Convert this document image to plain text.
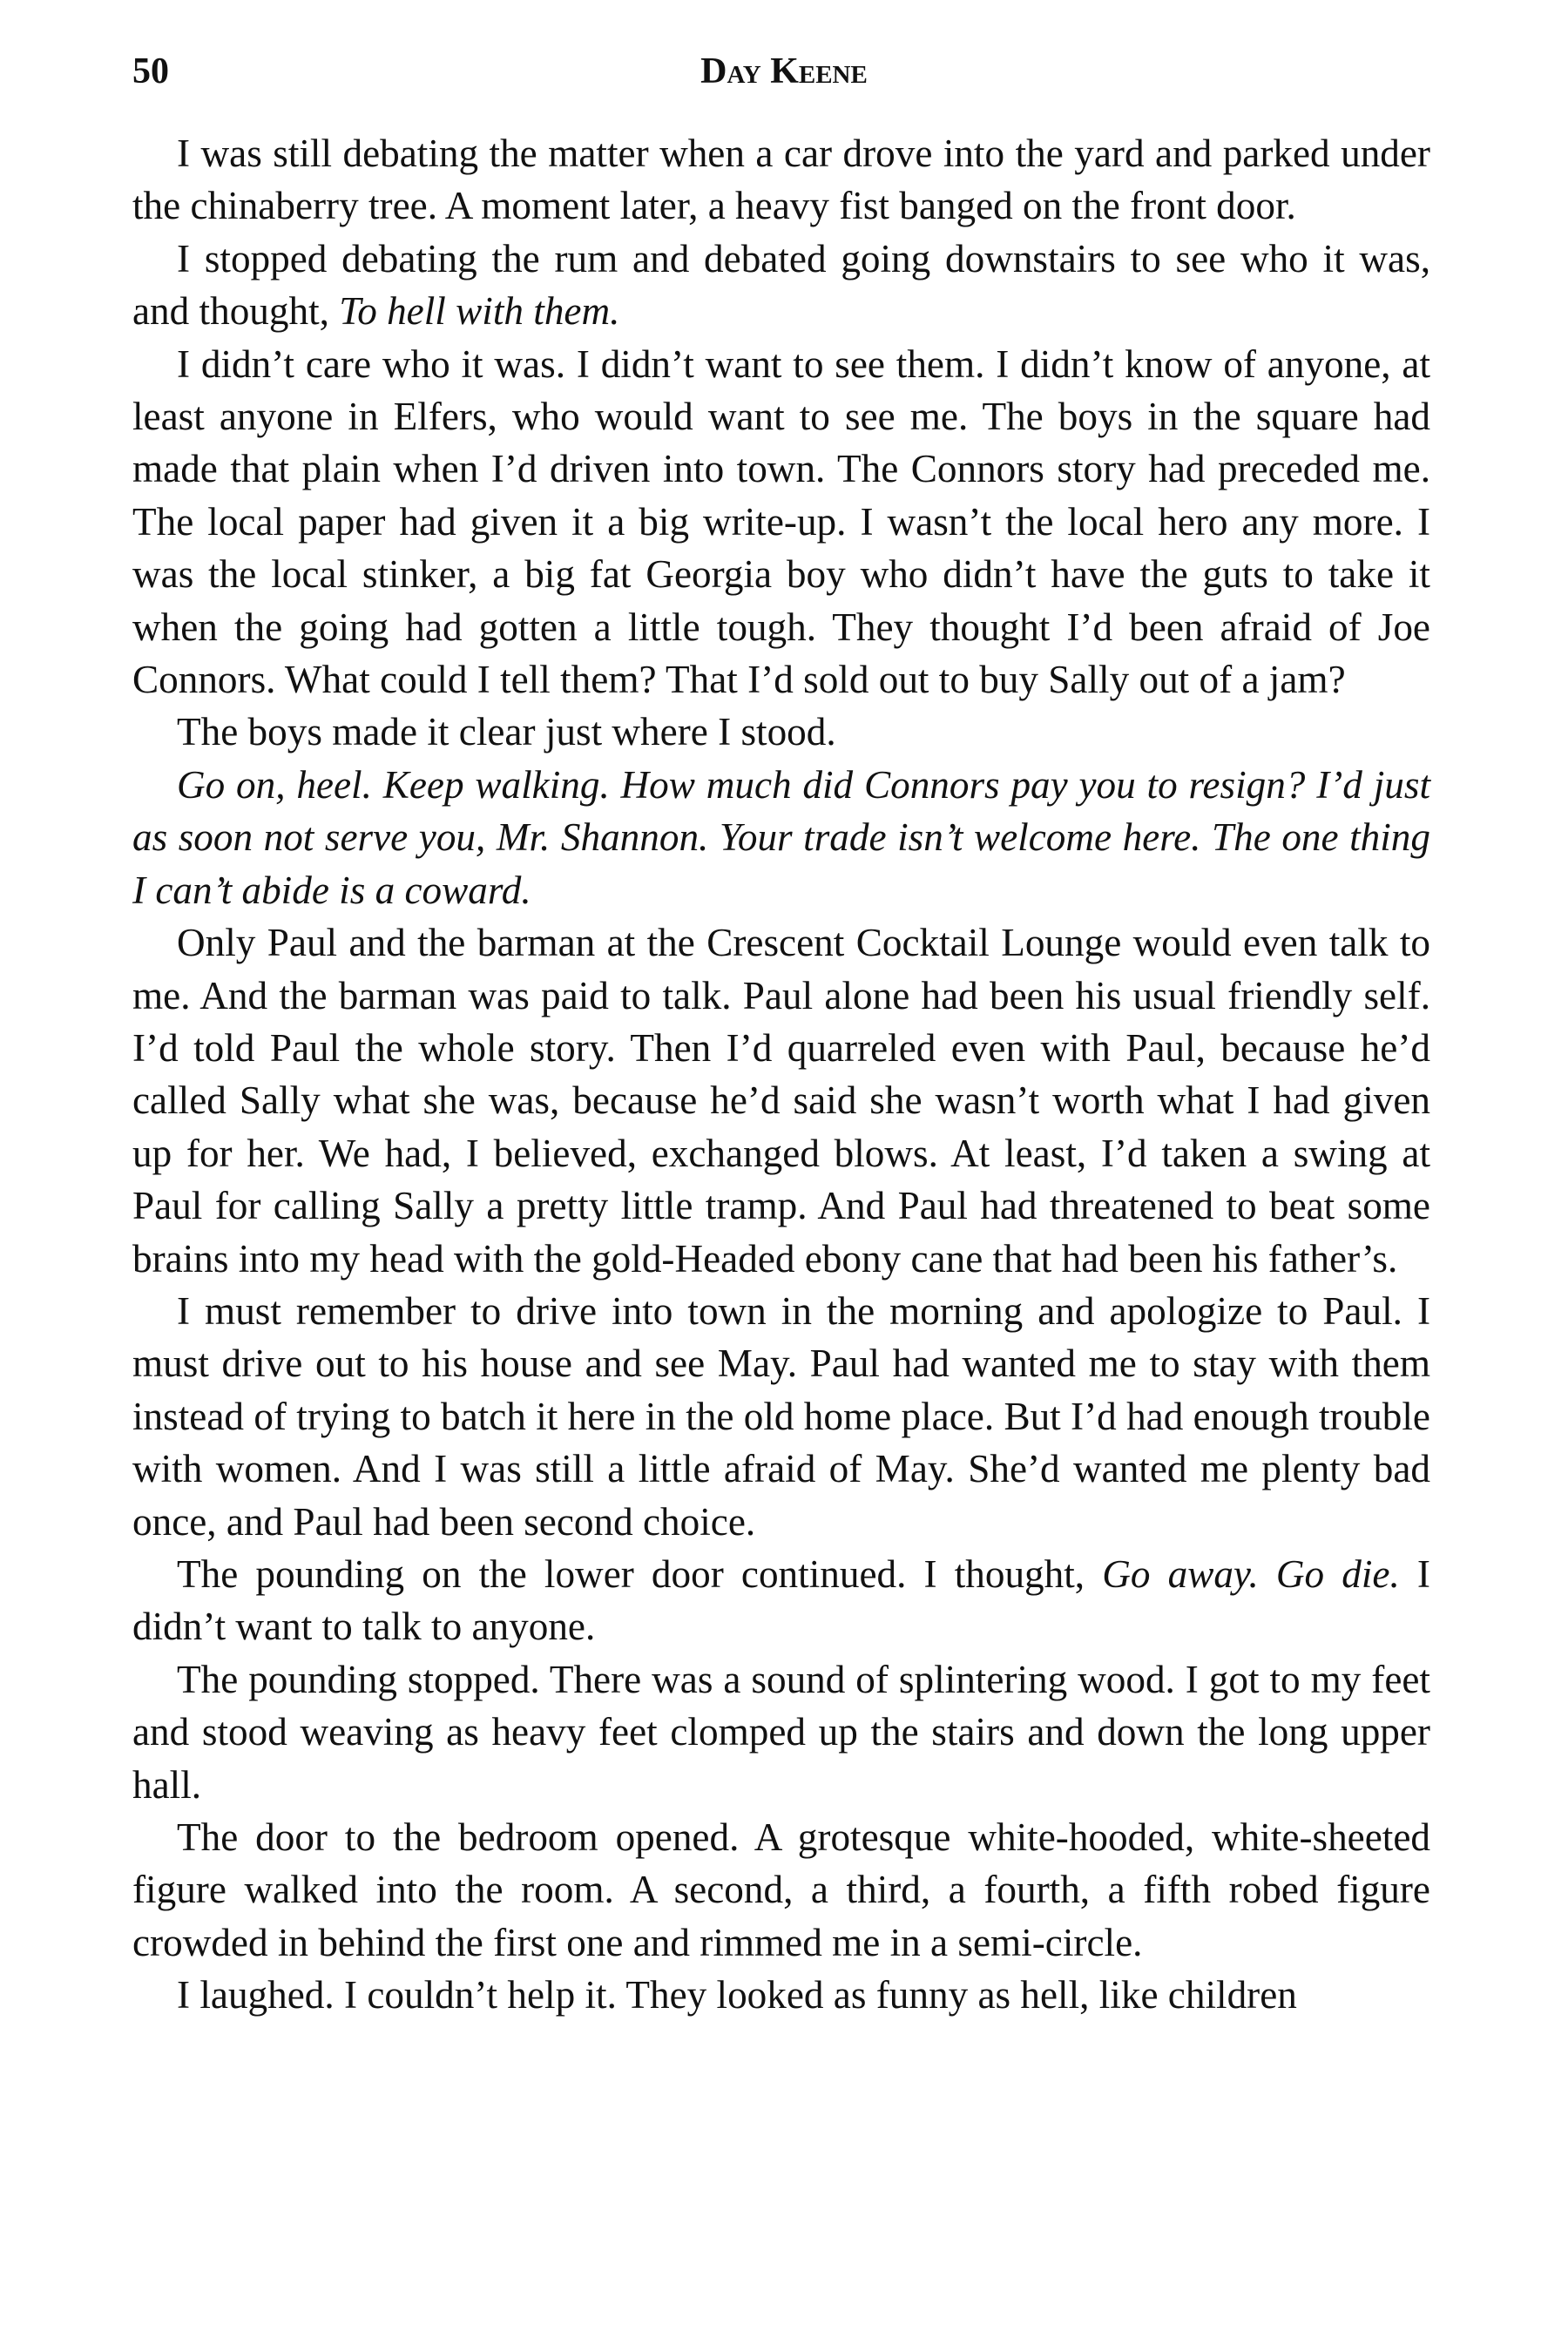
50	Day Keene

I was still debating the matter when a car drove into the yard and parked under the chinaberry tree. A moment later, a heavy fist banged on the front door.

I stopped debating the rum and debated going downstairs to see who it was, and thought, To hell with them.

I didn’t care who it was. I didn’t want to see them. I didn’t know of anyone, at least anyone in Elfers, who would want to see me. The boys in the square had made that plain when I’d driven into town. The Connors story had preceded me. The local paper had given it a big write-up. I wasn’t the local hero any more. I was the local stinker, a big fat Georgia boy who didn’t have the guts to take it when the going had gotten a little tough. They thought I’d been afraid of Joe Connors. What could I tell them? That I’d sold out to buy Sally out of a jam?

The boys made it clear just where I stood.

Go on, heel. Keep walking. How much did Connors pay you to resign? I’d just as soon not serve you, Mr. Shannon. Your trade isn’t welcome here. The one thing I can’t abide is a coward.

Only Paul and the barman at the Crescent Cocktail Lounge would even talk to me. And the barman was paid to talk. Paul alone had been his usual friendly self. I’d told Paul the whole story. Then I’d quarreled even with Paul, because he’d called Sally what she was, because he’d said she wasn’t worth what I had given up for her. We had, I believed, exchanged blows. At least, I’d taken a swing at Paul for calling Sally a pretty little tramp. And Paul had threatened to beat some brains into my head with the gold-Headed ebony cane that had been his father’s.

I must remember to drive into town in the morning and apologize to Paul. I must drive out to his house and see May. Paul had wanted me to stay with them instead of trying to batch it here in the old home place. But I’d had enough trouble with women. And I was still a little afraid of May. She’d wanted me plenty bad once, and Paul had been second choice.

The pounding on the lower door continued. I thought, Go away. Go die. I didn’t want to talk to anyone.

The pounding stopped. There was a sound of splintering wood. I got to my feet and stood weaving as heavy feet clomped up the stairs and down the long upper hall.

The door to the bedroom opened. A grotesque white-hooded, white-sheeted figure walked into the room. A second, a third, a fourth, a fifth robed figure crowded in behind the first one and rimmed me in a semi-circle.

I laughed. I couldn’t help it. They looked as funny as hell, like children
